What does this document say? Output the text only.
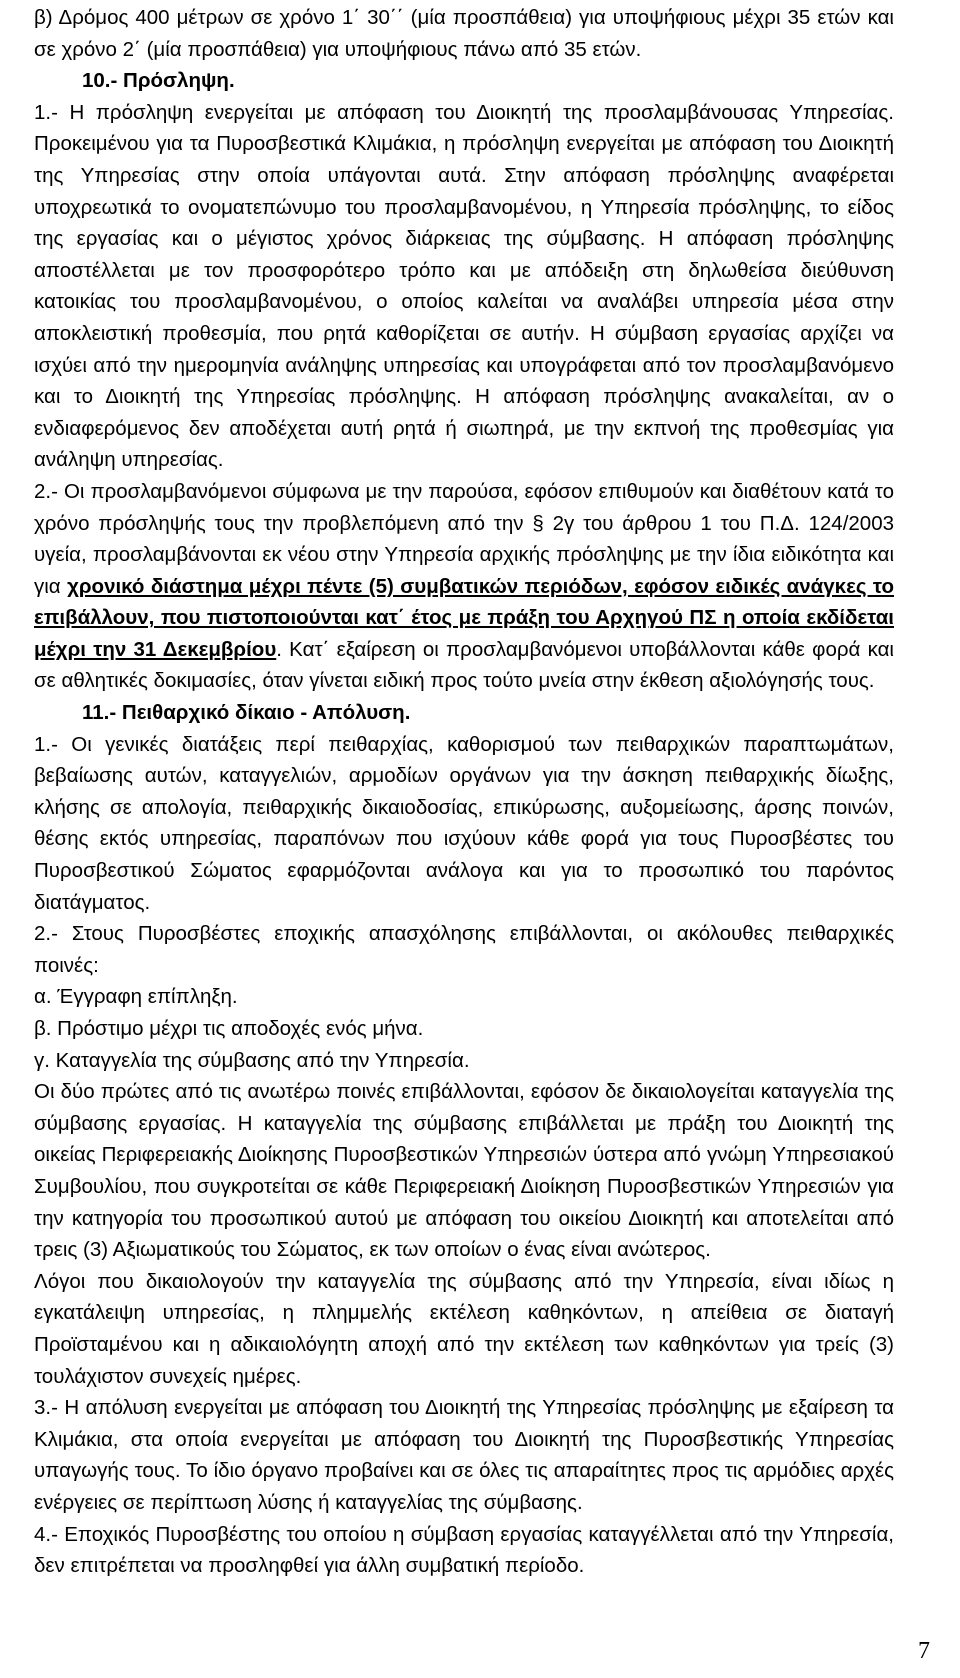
β) Δρόμος 400 μέτρων σε χρόνο 1΄ 30΄΄ (μία προσπάθεια) για υποψήφιους μέχρι 35 ετών και σε χρόνο 2΄ (μία προσπάθεια) για υποψήφιους πάνω από 35 ετών.

10.- Πρόσληψη.

1.- Η πρόσληψη ενεργείται με απόφαση του Διοικητή της προσλαμβάνουσας Υπηρεσίας. Προκειμένου για τα Πυροσβεστικά Κλιμάκια, η πρόσληψη ενεργείται με απόφαση του Διοικητή της Υπηρεσίας στην οποία υπάγονται αυτά. Στην απόφαση πρόσληψης αναφέρεται υποχρεωτικά το ονοματεπώνυμο του προσλαμβανομένου, η Υπηρεσία πρόσληψης, το είδος της εργασίας και ο μέγιστος χρόνος διάρκειας της σύμβασης. Η απόφαση πρόσληψης αποστέλλεται με τον προσφορότερο τρόπο και με απόδειξη στη δηλωθείσα διεύθυνση κατοικίας του προσλαμβανομένου, ο οποίος καλείται να αναλάβει υπηρεσία μέσα στην αποκλειστική προθεσμία, που ρητά καθορίζεται σε αυτήν. Η σύμβαση εργασίας αρχίζει να ισχύει από την ημερομηνία ανάληψης υπηρεσίας και υπογράφεται από τον προσλαμβανόμενο και το Διοικητή της Υπηρεσίας πρόσληψης. Η απόφαση πρόσληψης ανακαλείται, αν ο ενδιαφερόμενος δεν αποδέχεται αυτή ρητά ή σιωπηρά, με την εκπνοή της προθεσμίας για ανάληψη υπηρεσίας.

2.- Οι προσλαμβανόμενοι σύμφωνα με την παρούσα, εφόσον επιθυμούν και διαθέτουν κατά το χρόνο πρόσληψής τους την προβλεπόμενη από την § 2γ του άρθρου 1 του Π.Δ. 124/2003 υγεία, προσλαμβάνονται εκ νέου στην Υπηρεσία αρχικής πρόσληψης με την ίδια ειδικότητα και για χρονικό διάστημα μέχρι πέντε (5) συμβατικών περιόδων, εφόσον ειδικές ανάγκες το επιβάλλουν, που πιστοποιούνται κατ΄ έτος με πράξη του Αρχηγού ΠΣ η οποία εκδίδεται μέχρι την 31 Δεκεμβρίου. Κατ΄ εξαίρεση οι προσλαμβανόμενοι υποβάλλονται κάθε φορά και σε αθλητικές δοκιμασίες, όταν γίνεται ειδική προς τούτο μνεία στην έκθεση αξιολόγησής τους.

11.- Πειθαρχικό δίκαιο - Απόλυση.

1.- Οι γενικές διατάξεις περί πειθαρχίας, καθορισμού των πειθαρχικών παραπτωμάτων, βεβαίωσης αυτών, καταγγελιών, αρμοδίων οργάνων για την άσκηση πειθαρχικής δίωξης, κλήσης σε απολογία, πειθαρχικής δικαιοδοσίας, επικύρωσης, αυξομείωσης, άρσης ποινών, θέσης εκτός υπηρεσίας, παραπόνων που ισχύουν κάθε φορά για τους Πυροσβέστες του Πυροσβεστικού Σώματος εφαρμόζονται ανάλογα και για το προσωπικό του παρόντος διατάγματος.

2.- Στους Πυροσβέστες εποχικής απασχόλησης επιβάλλονται, οι ακόλουθες πειθαρχικές ποινές:

α. Έγγραφη επίπληξη.

β. Πρόστιμο μέχρι τις αποδοχές ενός μήνα.

γ. Καταγγελία της σύμβασης από την Υπηρεσία.

Οι δύο πρώτες από τις ανωτέρω ποινές επιβάλλονται, εφόσον δε δικαιολογείται καταγγελία της σύμβασης εργασίας. Η καταγγελία της σύμβασης επιβάλλεται με πράξη του Διοικητή της οικείας Περιφερειακής Διοίκησης Πυροσβεστικών Υπηρεσιών ύστερα από γνώμη Υπηρεσιακού Συμβουλίου, που συγκροτείται σε κάθε Περιφερειακή Διοίκηση Πυροσβεστικών Υπηρεσιών για την κατηγορία του προσωπικού αυτού με απόφαση του οικείου Διοικητή και αποτελείται από τρεις (3) Αξιωματικούς του Σώματος, εκ των οποίων ο ένας είναι ανώτερος.

Λόγοι που δικαιολογούν την καταγγελία της σύμβασης από την Υπηρεσία, είναι ιδίως η εγκατάλειψη υπηρεσίας, η πλημμελής εκτέλεση καθηκόντων, η απείθεια σε διαταγή Προϊσταμένου και η αδικαιολόγητη αποχή από την εκτέλεση των καθηκόντων για τρείς (3) τουλάχιστον συνεχείς ημέρες.

3.- Η απόλυση ενεργείται με απόφαση του Διοικητή της Υπηρεσίας πρόσληψης με εξαίρεση τα Κλιμάκια, στα οποία ενεργείται με απόφαση του Διοικητή της Πυροσβεστικής Υπηρεσίας υπαγωγής τους. Το ίδιο όργανο προβαίνει και σε όλες τις απαραίτητες προς τις αρμόδιες αρχές ενέργειες σε περίπτωση λύσης ή καταγγελίας της σύμβασης.

4.- Εποχικός Πυροσβέστης του οποίου η σύμβαση εργασίας καταγγέλλεται από την Υπηρεσία, δεν επιτρέπεται να προσληφθεί για άλλη συμβατική περίοδο.

7
